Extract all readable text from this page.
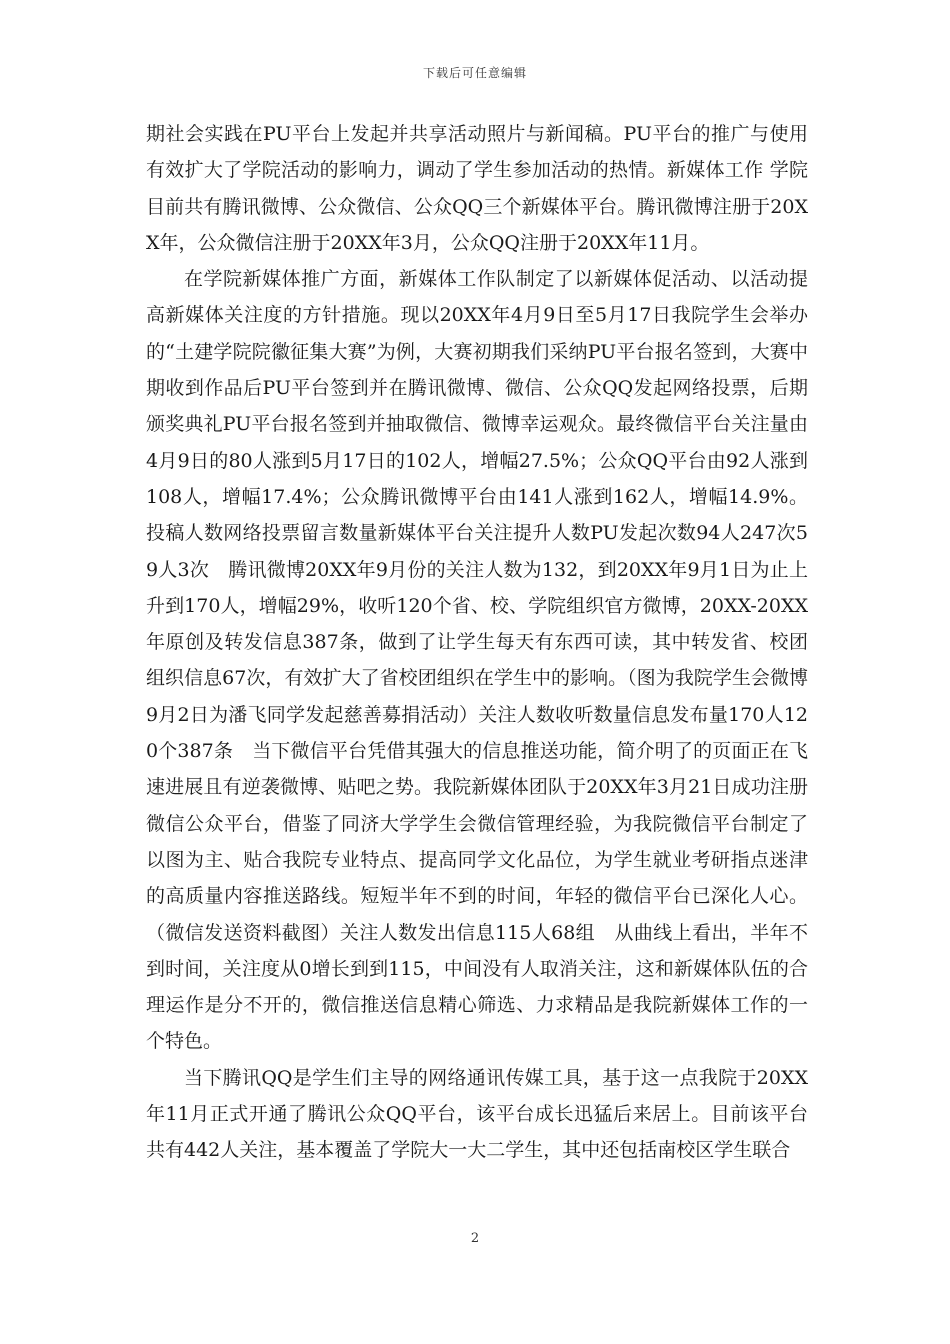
下载后可任意编辑

期社会实践在PU平台上发起并共享活动照片与新闻稿。PU平台的推广与使用有效扩大了学院活动的影响力，调动了学生参加活动的热情。新媒体工作 学院目前共有腾讯微博、公众微信、公众QQ三个新媒体平台。腾讯微博注册于20XX年，公众微信注册于20XX年3月，公众QQ注册于20XX年11月。

在学院新媒体推广方面，新媒体工作队制定了以新媒体促活动、以活动提高新媒体关注度的方针措施。现以20XX年4月9日至5月17日我院学生会举办的“土建学院院徽征集大赛”为例，大赛初期我们采纳PU平台报名签到，大赛中期收到作品后PU平台签到并在腾讯微博、微信、公众QQ发起网络投票，后期颁奖典礼PU平台报名签到并抽取微信、微博幸运观众。最终微信平台关注量由4月9日的80人涨到5月17日的102人，增幅27.5%；公众QQ平台由92人涨到108人，增幅17.4%；公众腾讯微博平台由141人涨到162人，增幅14.9%。投稿人数网络投票留言数量新媒体平台关注提升人数PU发起次数94人247次59人3次　腾讯微博20XX年9月份的关注人数为132，到20XX年9月1日为止上升到170人，增幅29%，收听120个省、校、学院组织官方微博，20XX-20XX年原创及转发信息387条，做到了让学生每天有东西可读，其中转发省、校团组织信息67次，有效扩大了省校团组织在学生中的影响。（图为我院学生会微博9月2日为潘飞同学发起慈善募捐活动）关注人数收听数量信息发布量170人120个387条　当下微信平台凭借其强大的信息推送功能，简介明了的页面正在飞速进展且有逆袭微博、贴吧之势。我院新媒体团队于20XX年3月21日成功注册微信公众平台，借鉴了同济大学学生会微信管理经验，为我院微信平台制定了以图为主、贴合我院专业特点、提高同学文化品位，为学生就业考研指点迷津的高质量内容推送路线。短短半年不到的时间，年轻的微信平台已深化人心。（微信发送资料截图）关注人数发出信息115人68组　从曲线上看出，半年不到时间，关注度从0增长到到115，中间没有人取消关注，这和新媒体队伍的合理运作是分不开的，微信推送信息精心筛选、力求精品是我院新媒体工作的一个特色。

当下腾讯QQ是学生们主导的网络通讯传媒工具，基于这一点我院于20XX年11月正式开通了腾讯公众QQ平台，该平台成长迅猛后来居上。目前该平台共有442人关注，基本覆盖了学院大一大二学生，其中还包括南校区学生联合

2
